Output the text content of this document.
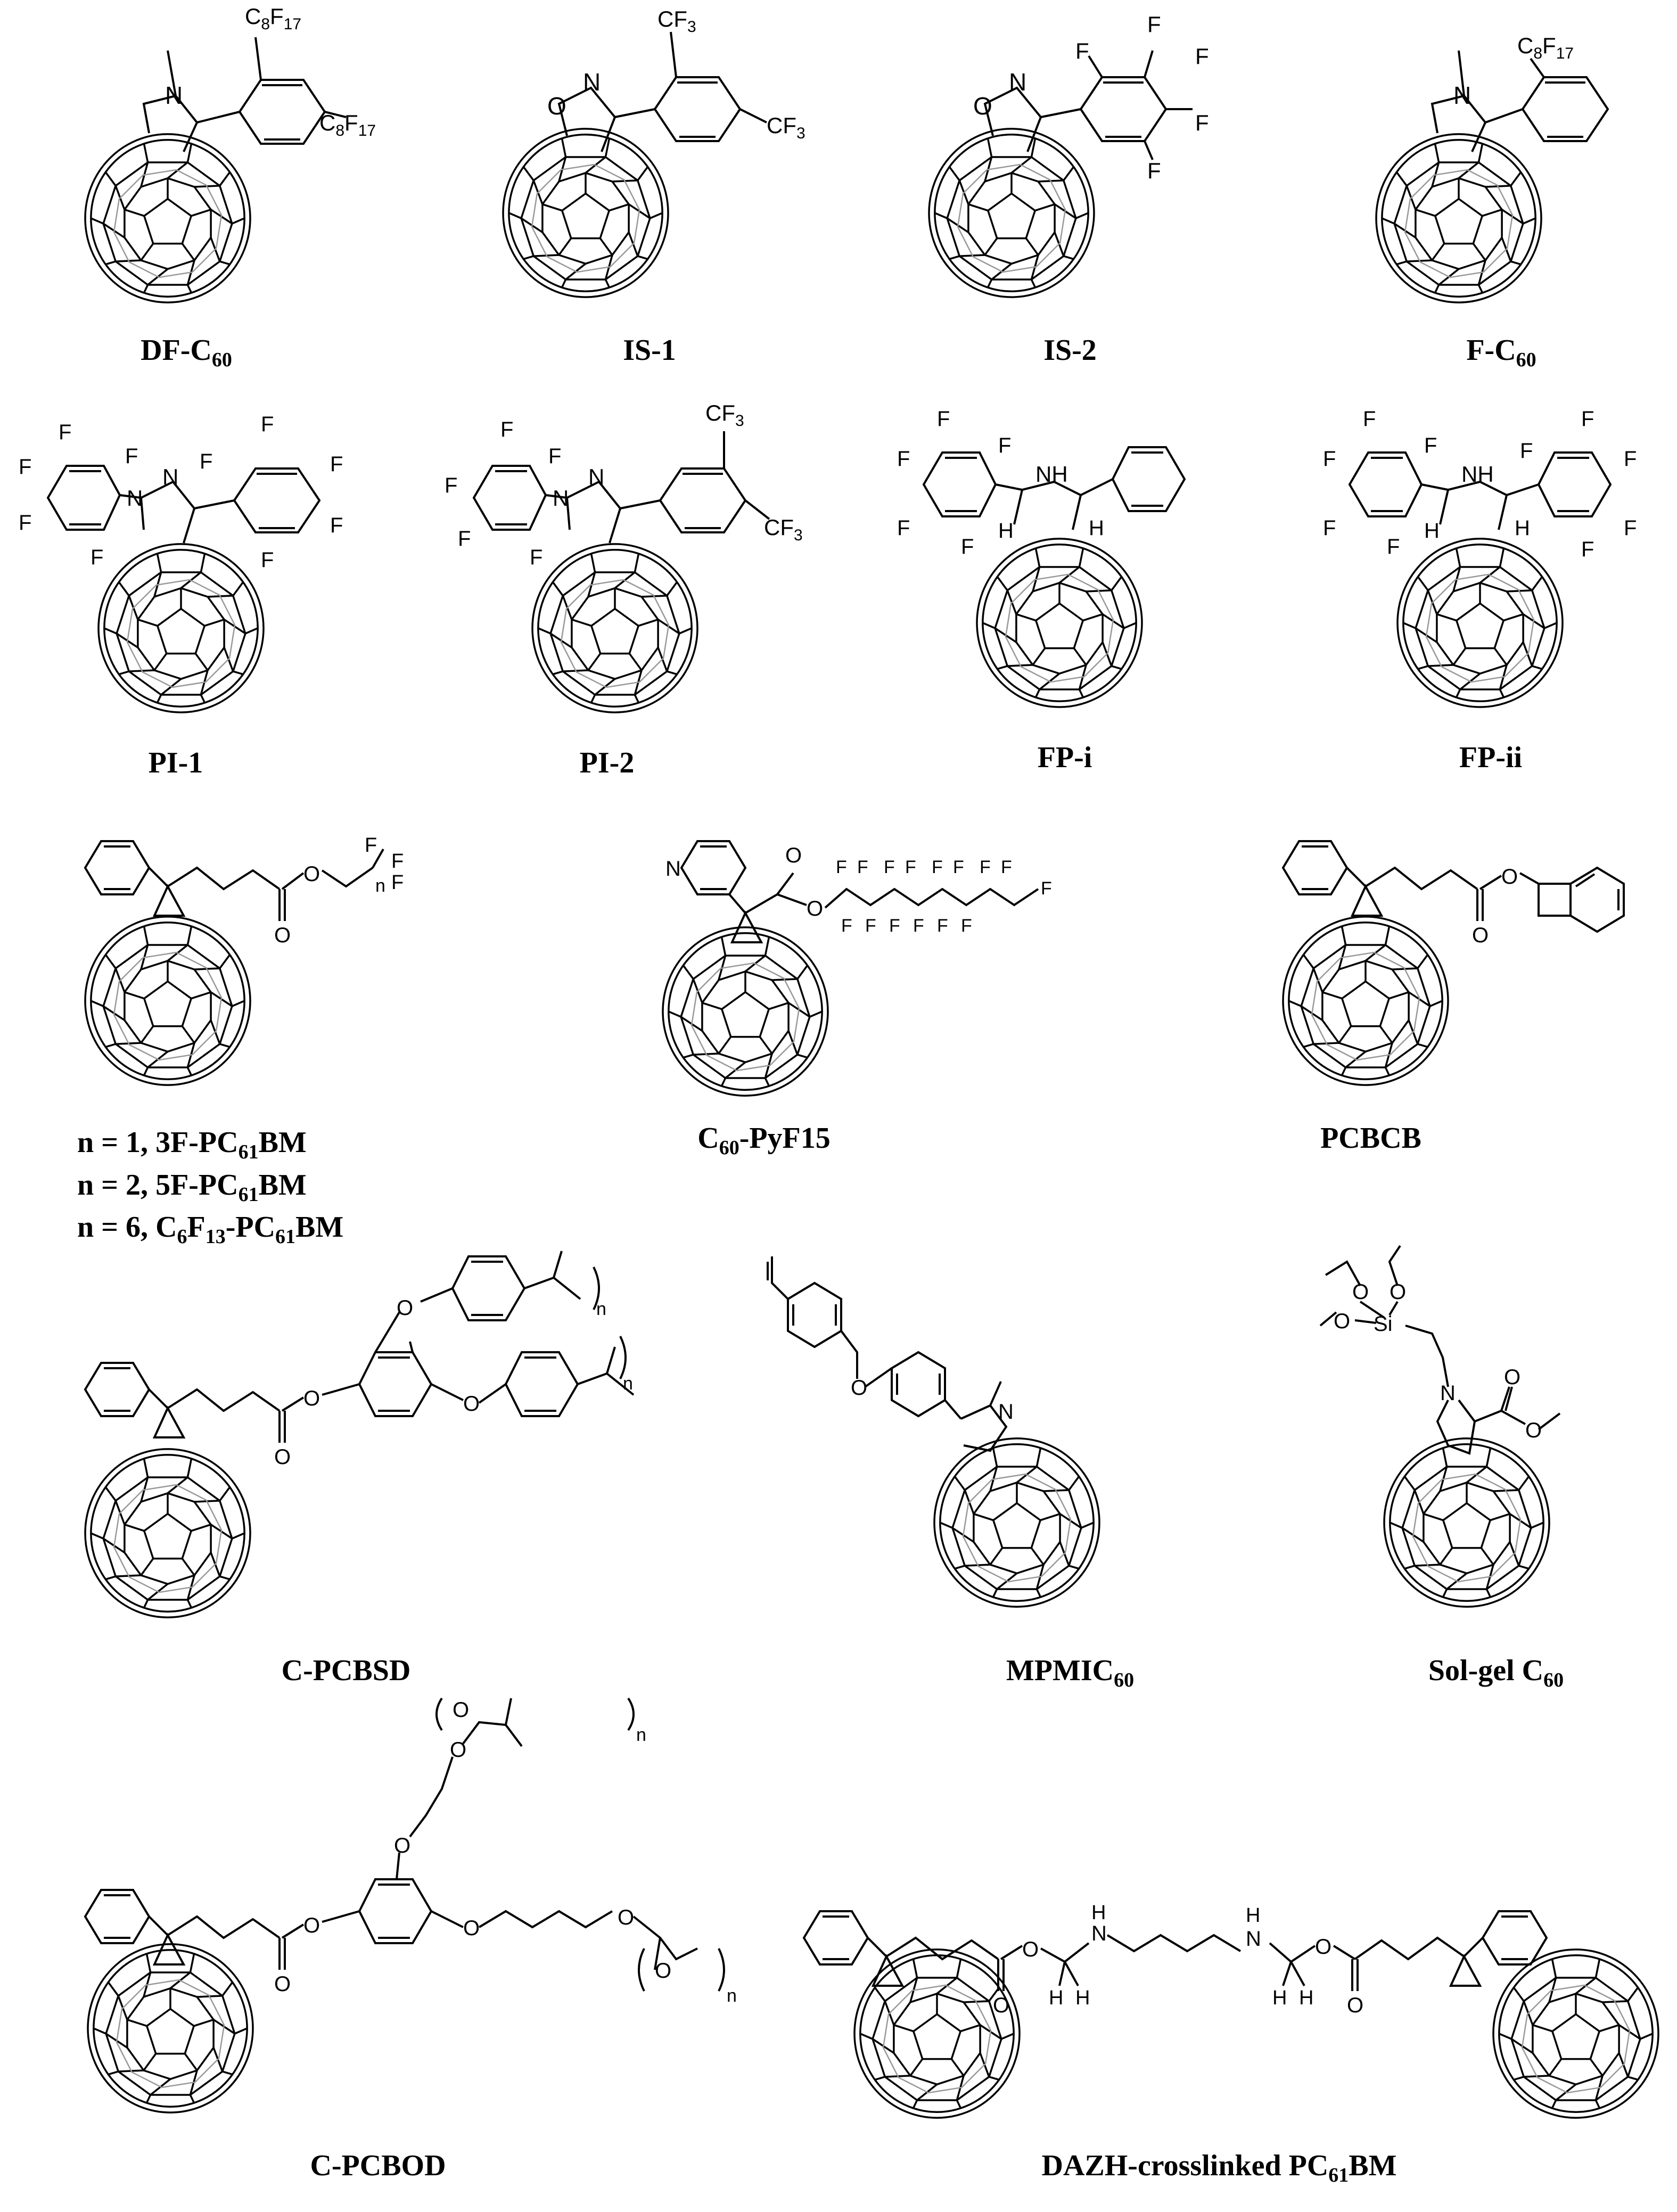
N
$C_8F_{17}$
$C_8F_{17}$
O
N
$CF_3$
$CF_3$
O
N
F
F
F
F
F
N
$C_8F_{17}$
N
N
F
F
F
F
F
F
F
F
F
F
N
N
F
F
F
F
F
$CF_3$
$CF_3$
NH
H	H
F
F
F
F
F
NH
H	H
F
F
F
F
F
F
F
F
F
F
O
O
F
F
F
n
N
O
O
F F F F F F F F
F F F F F F
F
O
O
O
O
O
O
n
n	O
N
O O
O Si
N
O
O
O
O
O
O
O
O	O
O
n
n	O
O
N
H
N
H
O
O
H H	H H
$DF-C_{60}$	IS-1	IS-2	$F-C_{60}$
PI-1	PI-2	FP-i	FP-ii
n = 1, $3F-PC_{61}BM$
n = 2, $5F-PC_{61}BM$
n = 6, $C_6F_{13}-PC_{61}BM$
$C_{60}-PyF15$	PCBCB
C-PCBSD	$MPMIC_{60}$	Sol-gel $C_{60}$
C-PCBOD	DAZH-crosslinked $PC_{61}BM$
